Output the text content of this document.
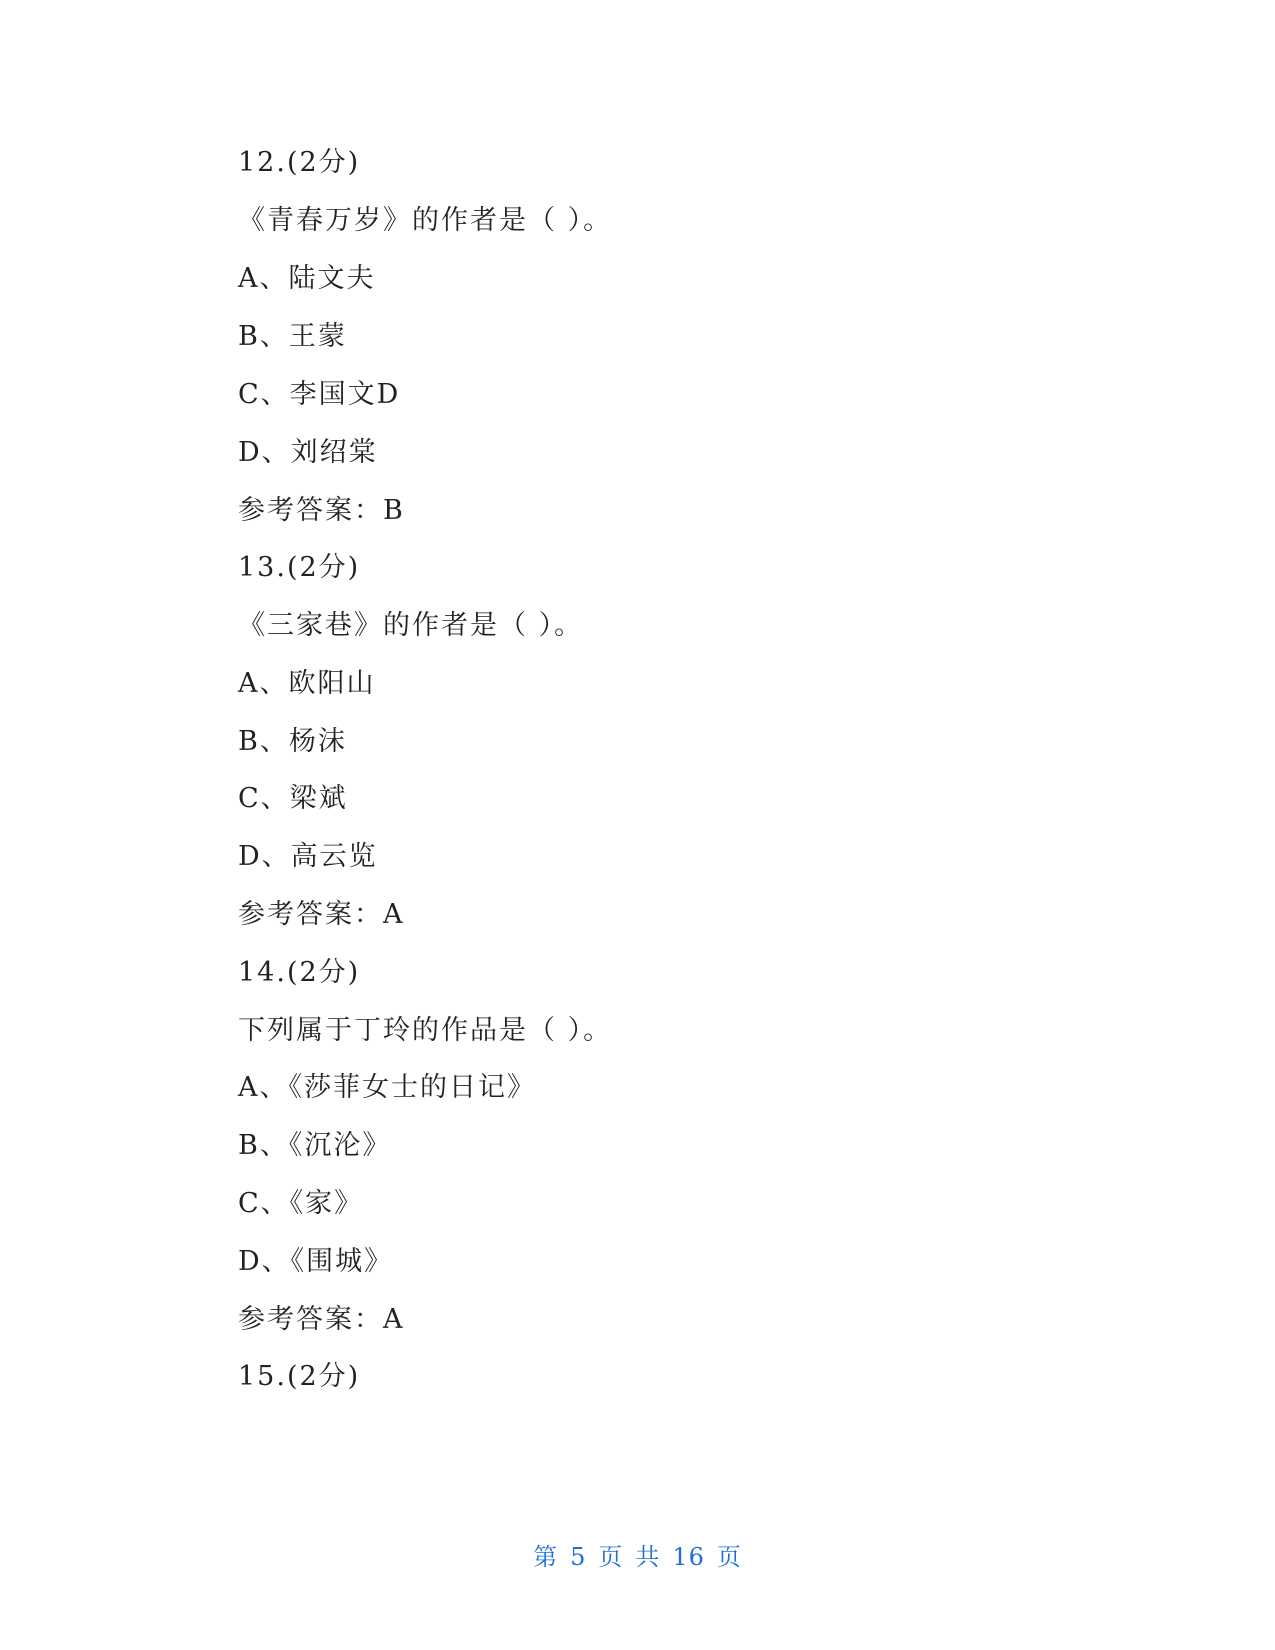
12.(2分)
《青春万岁》的作者是（ ）。
A、陆文夫
B、王蒙
C、李国文D
D、刘绍棠
参考答案：B
13.(2分)
《三家巷》的作者是（ ）。
A、欧阳山
B、杨沫
C、梁斌
D、高云览
参考答案：A
14.(2分)
下列属于丁玲的作品是（ ）。
A、《莎菲女士的日记》
B、《沉沦》
C、《家》
D、《围城》
参考答案：A
15.(2分)
第 5 页 共 16 页
